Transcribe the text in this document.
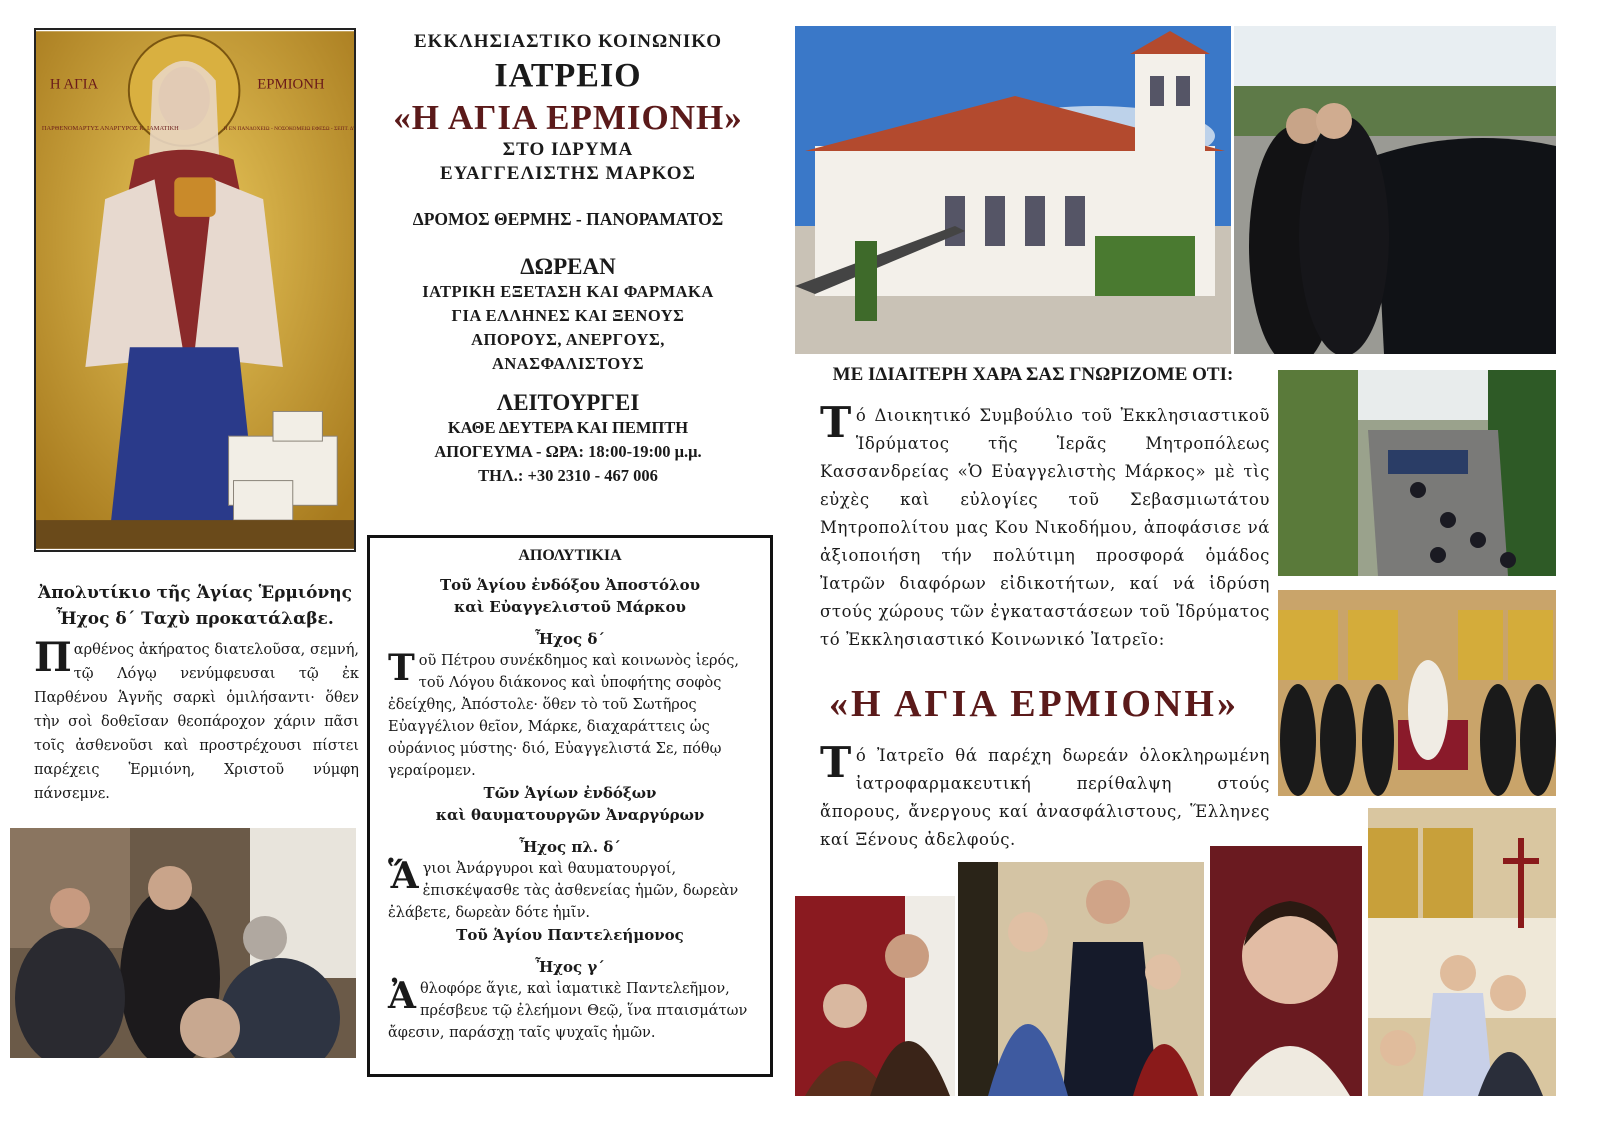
Η ΑΓΙΑ	ΕΡΜΙΟΝΗ
ΠΑΡΘΕΝΟΜΑΡΤΥΣ ΑΝΑΡΓΥΡΟΣ Κ. ΙΑΜΑΤΙΚΗ	Η ΕΝ ΠΑΝΔΟΧΕΙΩ - ΝΟΣΟΚΟΜΕΙΩ ΕΦΕΣΩ - ΣΕΠΤ. Δ'
Ἀπολυτίκιο τῆς Ἁγίας Ἑρμιόνης
Ἦχος δ´ Ταχὺ προκατάλαβε.
Παρθένος ἀκήρατος διατελοῦσα, σεμνή, τῷ Λόγῳ νενύμφευσαι τῷ ἐκ Παρθένου Ἁγνῆς σαρκὶ ὁμιλήσαντι· ὅθεν τὴν σοὶ δοθεῖσαν θεοπάροχον χάριν πᾶσι τοῖς ἀσθενοῦσι καὶ προστρέχουσι πίστει παρέχεις Ἑρμιόνη, Χριστοῦ νύμφη πάνσεμνε.
ΕΚΚΛΗΣΙΑΣΤΙΚΟ ΚΟΙΝΩΝΙΚΟ
ΙΑΤΡΕΙΟ
«Η ΑΓΙΑ ΕΡΜΙΟΝΗ»
ΣΤΟ ΙΔΡΥΜΑ
ΕΥΑΓΓΕΛΙΣΤΗΣ ΜΑΡΚΟΣ
ΔΡΟΜΟΣ ΘΕΡΜΗΣ - ΠΑΝΟΡΑΜΑΤΟΣ
ΔΩΡΕΑΝ
ΙΑΤΡΙΚΗ ΕΞΕΤΑΣΗ ΚΑΙ ΦΑΡΜΑΚΑ
ΓΙΑ ΕΛΛΗΝΕΣ ΚΑΙ ΞΕΝΟΥΣ
ΑΠΟΡΟΥΣ, ΑΝΕΡΓΟΥΣ,
ΑΝΑΣΦΑΛΙΣΤΟΥΣ
ΛΕΙΤΟΥΡΓΕΙ
ΚΑΘΕ ΔΕΥΤΕΡΑ ΚΑΙ ΠΕΜΠΤΗ
ΑΠΟΓΕΥΜΑ - ΩΡΑ: 18:00-19:00 μ.μ.
ΤΗΛ.: +30 2310 - 467 006
ΑΠΟΛΥΤΙΚΙΑ
Τοῦ Ἁγίου ἐνδόξου Ἀποστόλου
καὶ Εὐαγγελιστοῦ Μάρκου
Ἦχος δ´
Τοῦ Πέτρου συνέκδημος καὶ κοινωνὸς ἱερός, τοῦ Λόγου διάκονος καὶ ὑποφήτης σοφὸς ἐδείχθης, Ἀπόστολε· ὅθεν τὸ τοῦ Σωτῆρος Εὐαγγέλιον θεῖον, Μάρκε, διαχαράττεις ὡς οὐράνιος μύστης· διό, Εὐαγγελιστά Σε, πόθῳ γεραίρομεν.
Τῶν Ἁγίων ἐνδόξων
καὶ θαυματουργῶν Ἀναργύρων
Ἦχος πλ. δ´
Ἅγιοι Ἀνάργυροι καὶ θαυματουργοί, ἐπισκέψασθε τὰς ἀσθενείας ἡμῶν, δωρεὰν ἐλάβετε, δωρεὰν δότε ἡμῖν.
Τοῦ Ἁγίου Παντελεήμονος
Ἦχος γ´
Ἀθλοφόρε ἅγιε, καὶ ἰαματικὲ Παντελεῆμον, πρέσβευε τῷ ἐλεήμονι Θεῷ, ἵνα πταισμάτων ἄφεσιν, παράσχῃ ταῖς ψυχαῖς ἡμῶν.
ΜΕ ΙΔΙΑΙΤΕΡΗ ΧΑΡΑ ΣΑΣ ΓΝΩΡΙΖΟΜΕ ΟΤΙ:
Τό Διοικητικό Συμβούλιο τοῦ Ἐκκλησιαστικοῦ Ἱδρύματος τῆς Ἱερᾶς Μητροπόλεως Κασσανδρείας «Ὁ Εὐαγγελιστὴς Μάρκος» μὲ τὶς εὐχὲς καὶ εὐλογίες τοῦ Σεβασμιωτάτου Μητροπολίτου μας Κου Νικοδήμου, ἀποφάσισε νά ἀξιοποιήση τήν πολύτιμη προσφορά ὁμάδος Ἰατρῶν διαφόρων εἰδικοτήτων, καί νά ἱδρύση στούς χώρους τῶν ἐγκαταστάσεων τοῦ Ἱδρύματος τό Ἐκκλησιαστικό Κοινωνικό Ἰατρεῖο:
«Η ΑΓΙΑ ΕΡΜΙΟΝΗ»
Τό Ἰατρεῖο θά παρέχη δωρεάν ὁλοκληρωμένη ἰατροφαρμακευτική περίθαλψη στούς ἄπορους, ἄνεργους καί ἀνασφάλιστους, Ἕλληνες καί Ξένους ἀδελφούς.
